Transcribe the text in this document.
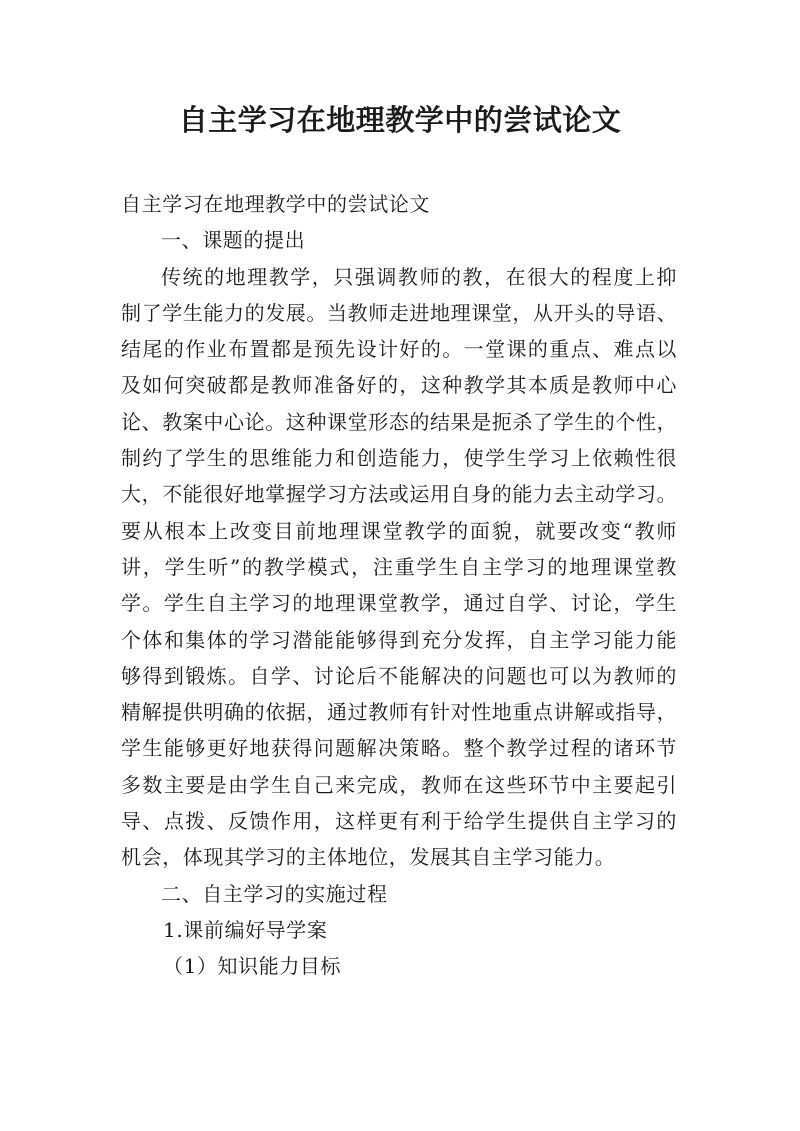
自主学习在地理教学中的尝试论文
自主学习在地理教学中的尝试论文
一、课题的提出
传统的地理教学，只强调教师的教，在很大的程度上抑
制了学生能力的发展。当教师走进地理课堂，从开头的导语、
结尾的作业布置都是预先设计好的。一堂课的重点、难点以
及如何突破都是教师准备好的，这种教学其本质是教师中心
论、教案中心论。这种课堂形态的结果是扼杀了学生的个性，
制约了学生的思维能力和创造能力，使学生学习上依赖性很
大，不能很好地掌握学习方法或运用自身的能力去主动学习。
要从根本上改变目前地理课堂教学的面貌，就要改变“教师
讲，学生听”的教学模式，注重学生自主学习的地理课堂教
学。学生自主学习的地理课堂教学，通过自学、讨论，学生
个体和集体的学习潜能能够得到充分发挥，自主学习能力能
够得到锻炼。自学、讨论后不能解决的问题也可以为教师的
精解提供明确的依据，通过教师有针对性地重点讲解或指导，
学生能够更好地获得问题解决策略。整个教学过程的诸环节
多数主要是由学生自己来完成，教师在这些环节中主要起引
导、点拨、反馈作用，这样更有利于给学生提供自主学习的
机会，体现其学习的主体地位，发展其自主学习能力。
二、自主学习的实施过程
1.课前编好导学案
（1）知识能力目标
